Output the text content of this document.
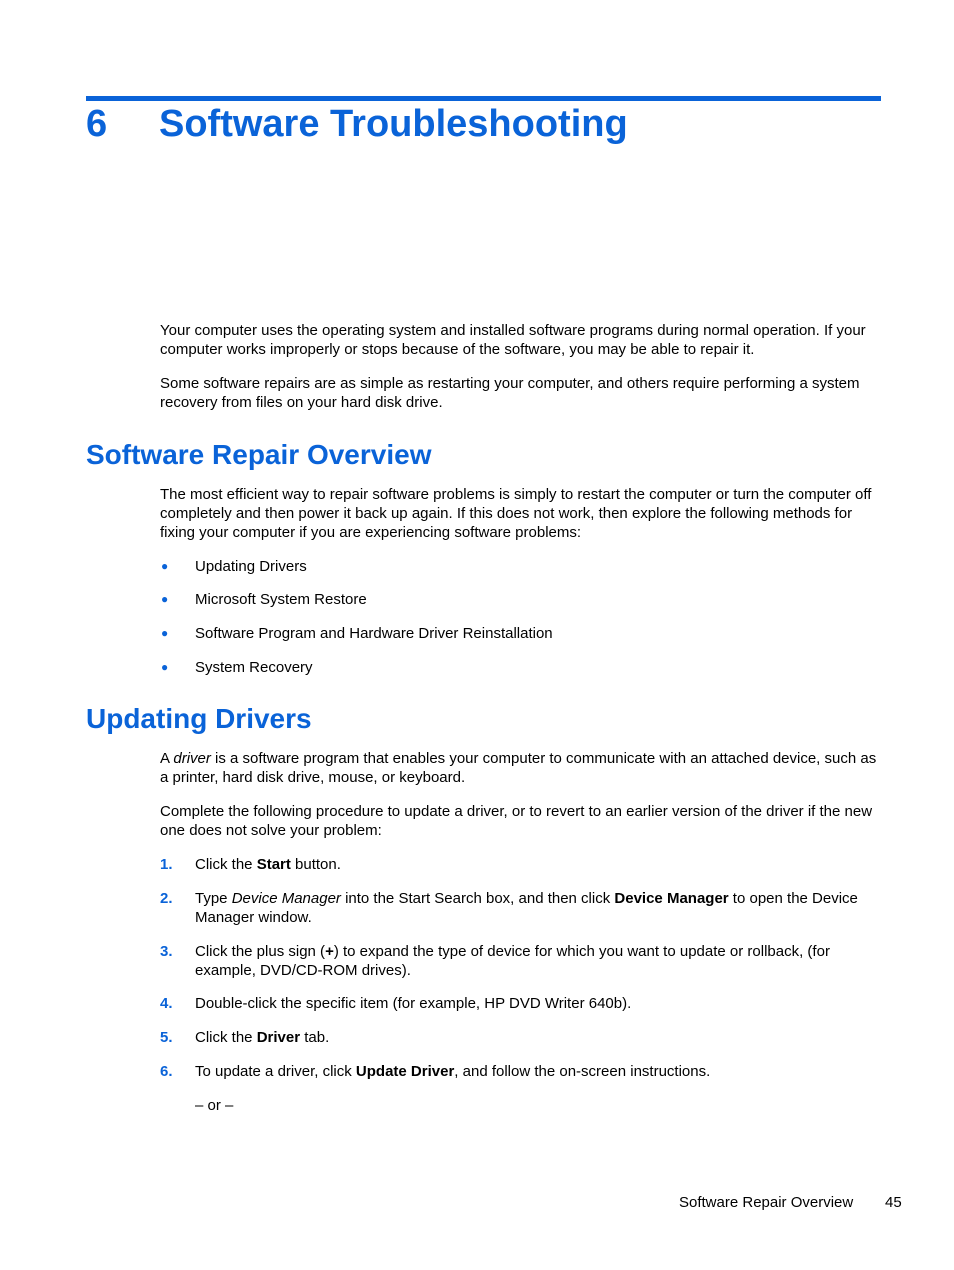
6 Software Troubleshooting

Your computer uses the operating system and installed software programs during normal operation. If your computer works improperly or stops because of the software, you may be able to repair it.

Some software repairs are as simple as restarting your computer, and others require performing a system recovery from files on your hard disk drive.

Software Repair Overview

The most efficient way to repair software problems is simply to restart the computer or turn the computer off completely and then power it back up again. If this does not work, then explore the following methods for fixing your computer if you are experiencing software problems:

● Updating Drivers
● Microsoft System Restore
● Software Program and Hardware Driver Reinstallation
● System Recovery
Updating Drivers

A driver is a software program that enables your computer to communicate with an attached device, such as a printer, hard disk drive, mouse, or keyboard.

Complete the following procedure to update a driver, or to revert to an earlier version of the driver if the new one does not solve your problem:

1. Click the Start button.
2. Type Device Manager into the Start Search box, and then click Device Manager to open the Device Manager window.
3. Click the plus sign (+) to expand the type of device for which you want to update or rollback, (for example, DVD/CD-ROM drives).
4. Double-click the specific item (for example, HP DVD Writer 640b).
5. Click the Driver tab.
6. To update a driver, click Update Driver, and follow the on-screen instructions.
– or –
Software Repair Overview 45
